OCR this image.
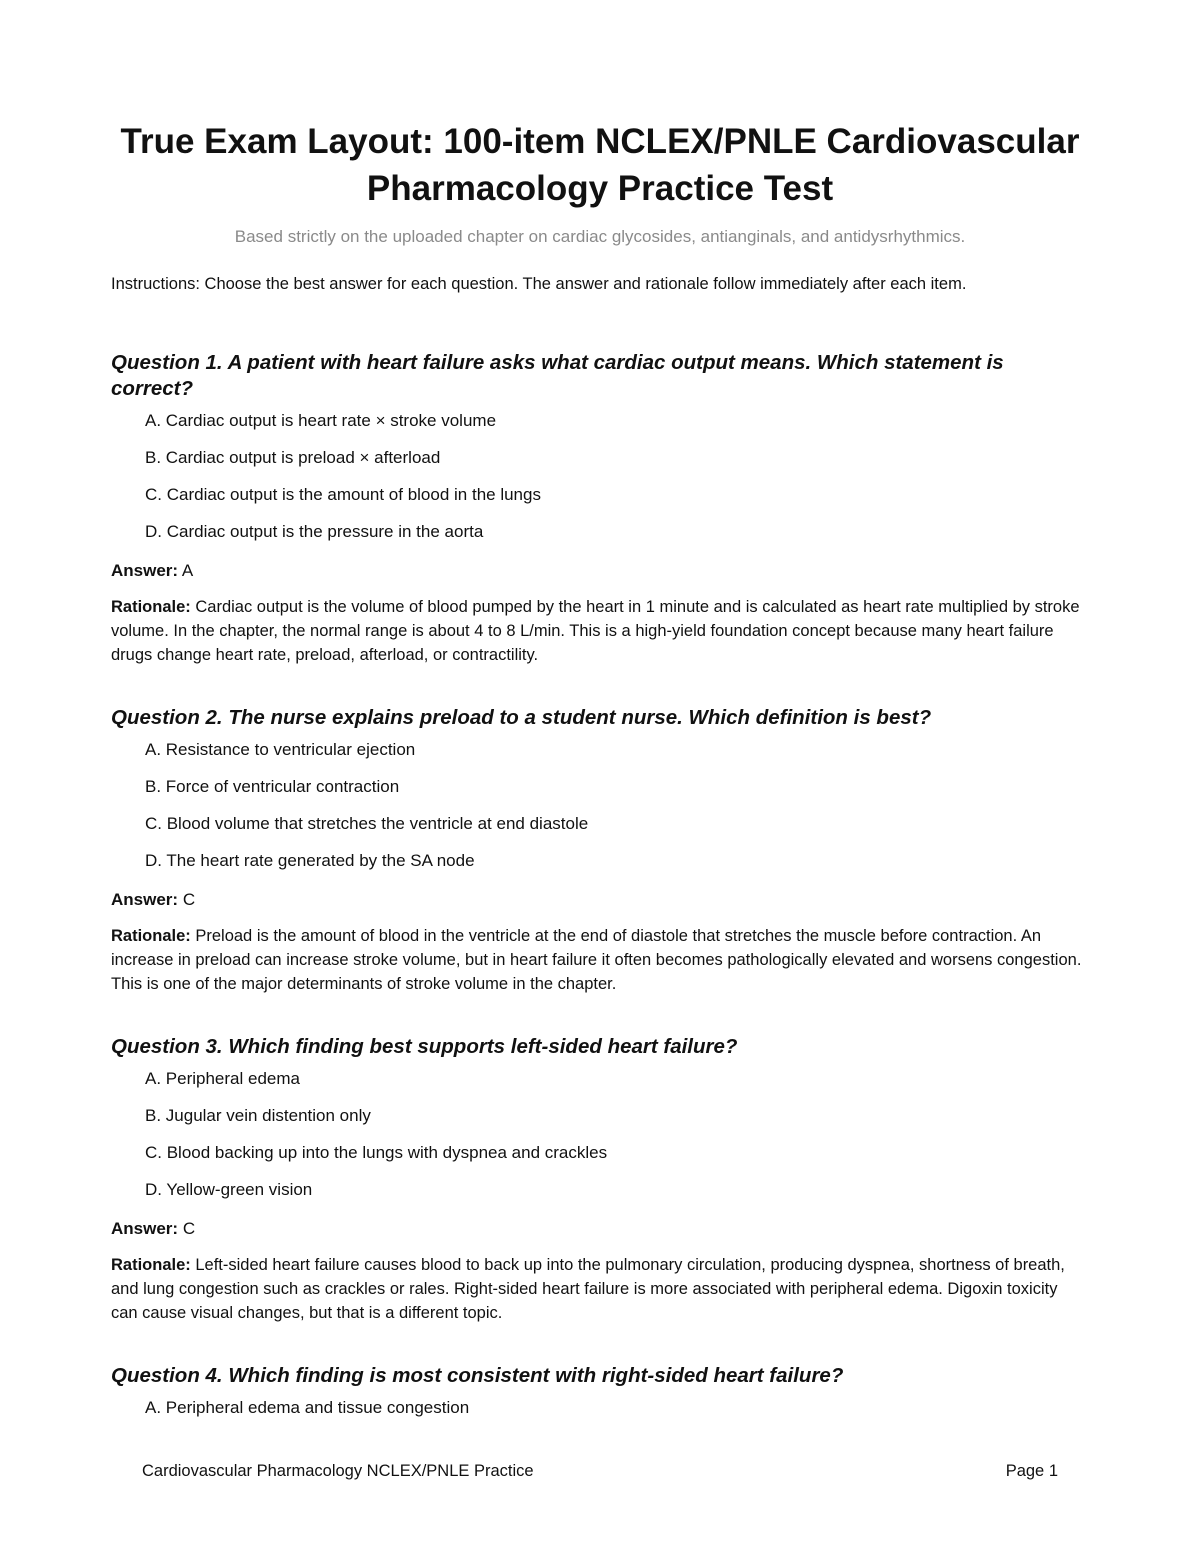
True Exam Layout: 100-item NCLEX/PNLE Cardiovascular Pharmacology Practice Test
Based strictly on the uploaded chapter on cardiac glycosides, antianginals, and antidysrhythmics.
Instructions: Choose the best answer for each question. The answer and rationale follow immediately after each item.

Question 1. A patient with heart failure asks what cardiac output means. Which statement is correct?

A. Cardiac output is heart rate × stroke volume
B. Cardiac output is preload × afterload
C. Cardiac output is the amount of blood in the lungs
D. Cardiac output is the pressure in the aorta
Answer: A
Rationale: Cardiac output is the volume of blood pumped by the heart in 1 minute and is calculated as heart rate multiplied by stroke volume. In the chapter, the normal range is about 4 to 8 L/min. This is a high-yield foundation concept because many heart failure drugs change heart rate, preload, afterload, or contractility.

Question 2. The nurse explains preload to a student nurse. Which definition is best?

A. Resistance to ventricular ejection
B. Force of ventricular contraction
C. Blood volume that stretches the ventricle at end diastole
D. The heart rate generated by the SA node
Answer: C
Rationale: Preload is the amount of blood in the ventricle at the end of diastole that stretches the muscle before contraction. An increase in preload can increase stroke volume, but in heart failure it often becomes pathologically elevated and worsens congestion. This is one of the major determinants of stroke volume in the chapter.

Question 3. Which finding best supports left-sided heart failure?

A. Peripheral edema
B. Jugular vein distention only
C. Blood backing up into the lungs with dyspnea and crackles
D. Yellow-green vision
Answer: C
Rationale: Left-sided heart failure causes blood to back up into the pulmonary circulation, producing dyspnea, shortness of breath, and lung congestion such as crackles or rales. Right-sided heart failure is more associated with peripheral edema. Digoxin toxicity can cause visual changes, but that is a different topic.

Question 4. Which finding is most consistent with right-sided heart failure?

A. Peripheral edema and tissue congestion
Cardiovascular Pharmacology NCLEX/PNLE Practice	Page 1
